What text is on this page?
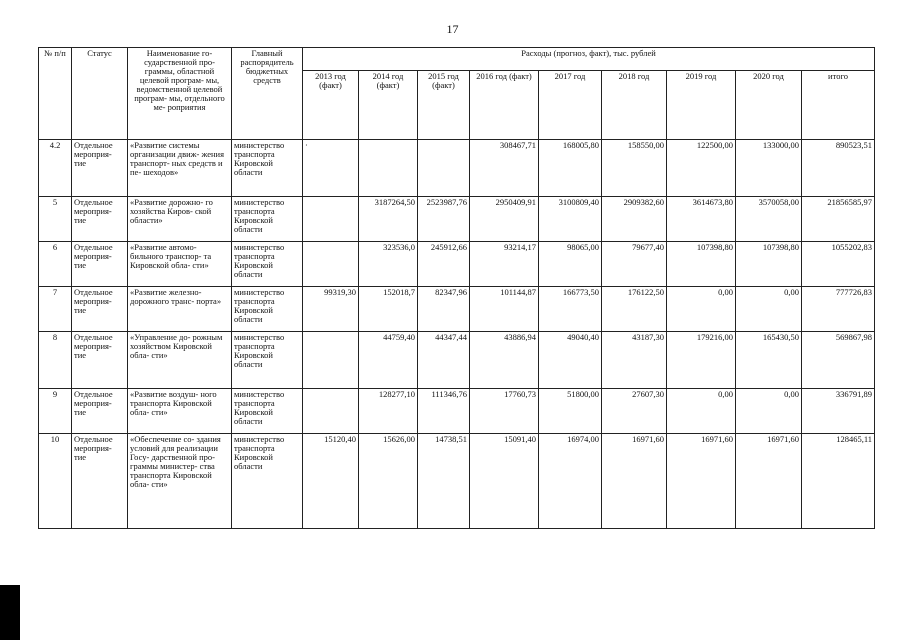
17
№ п/п	Статус	Наименование го- сударственной про- граммы, областной целевой програм- мы, ведомственной целевой програм- мы, отдельного ме- роприятия	Главный распорядитель бюджетных средств	Расходы (прогноз, факт), тыс. рублей								
				2013 год (факт)	2014 год (факт)	2015 год (факт)	2016 год (факт)	2017 год	2018 год	2019 год	2020 год	итого
4.2	Отдельное мероприя- тие	«Развитие системы организации движ- жения транспорт- ных средств и пе- шеходов»	министерство транспорта Кировской области	·			308467,71	168005,80	158550,00	122500,00	133000,00	890523,51
5	Отдельное мероприя- тие	«Развитие дорожно- го хозяйства Киров- ской области»	министерство транспорта Кировской области		3187264,50	2523987,76	2950409,91	3100809,40	2909382,60	3614673,80	3570058,00	21856585,97
6	Отдельное мероприя- тие	«Развитие автомо- бильного транспор- та Кировской обла- сти»	министерство транспорта Кировской области		323536,0	245912,66	93214,17	98065,00	79677,40	107398,80	107398,80	1055202,83
7	Отдельное мероприя- тие	«Развитие железно- дорожного транс- порта»	министерство транспорта Кировской области	99319,30	152018,7	82347,96	101144,87	166773,50	176122,50	0,00	0,00	777726,83
8	Отдельное мероприя- тие	«Управление до- рожным хозяйством Кировской обла- сти»	министерство транспорта Кировской области		44759,40	44347,44	43886,94	49040,40	43187,30	179216,00	165430,50	569867,98
9	Отдельное мероприя- тие	«Развитие воздуш- ного транспорта Кировской обла- сти»	министерство транспорта Кировской области		128277,10	111346,76	17760,73	51800,00	27607,30	0,00	0,00	336791,89
10	Отдельное мероприя- тие	«Обеспечение со- здания условий для реализации Госу- дарственной про- граммы министер- ства транспорта Кировской обла- сти»	министерство транспорта Кировской области	15120,40	15626,00	14738,51	15091,40	16974,00	16971,60	16971,60	16971,60	128465,11
